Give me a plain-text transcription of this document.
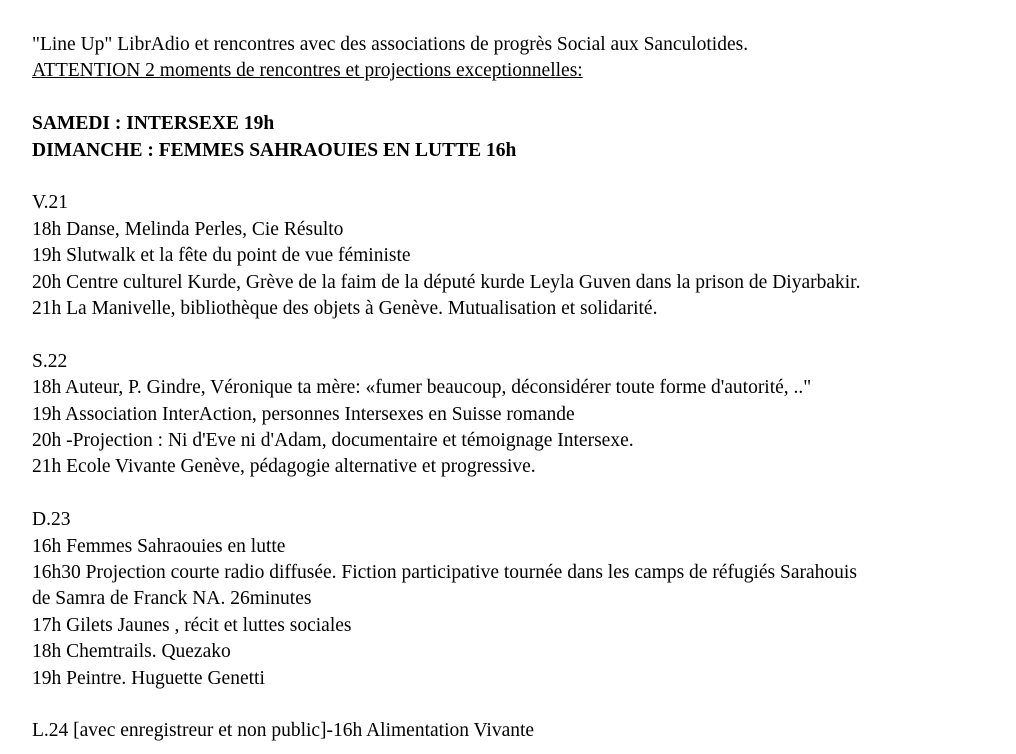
"Line Up" LibrAdio et rencontres avec des associations de progrès Social aux Sanculotides.
ATTENTION 2 moments de rencontres et projections exceptionnelles:
SAMEDI : INTERSEXE 19h
DIMANCHE : FEMMES SAHRAOUIES EN LUTTE 16h
V.21
18h Danse, Melinda Perles, Cie Résulto
19h Slutwalk et la fête du point de vue féministe
20h Centre culturel Kurde, Grève de la faim de la député kurde Leyla Guven dans la prison de Diyarbakir.
21h La Manivelle, bibliothèque des objets à Genève. Mutualisation et solidarité.
S.22
18h Auteur, P. Gindre, Véronique ta mère: «fumer beaucoup, déconsidérer toute forme d'autorité, .."
19h Association InterAction, personnes Intersexes en Suisse romande
20h -Projection : Ni d'Eve ni d'Adam, documentaire et témoignage Intersexe.
21h Ecole Vivante Genève, pédagogie alternative et progressive.
D.23
16h Femmes Sahraouies en lutte
16h30 Projection courte radio diffusée. Fiction participative tournée dans les camps de réfugiés Sarahouis
de Samra de Franck NA. 26minutes
17h Gilets Jaunes , récit et luttes sociales
18h Chemtrails. Quezako
19h Peintre. Huguette Genetti
L.24 [avec enregistreur et non public]-16h Alimentation Vivante
